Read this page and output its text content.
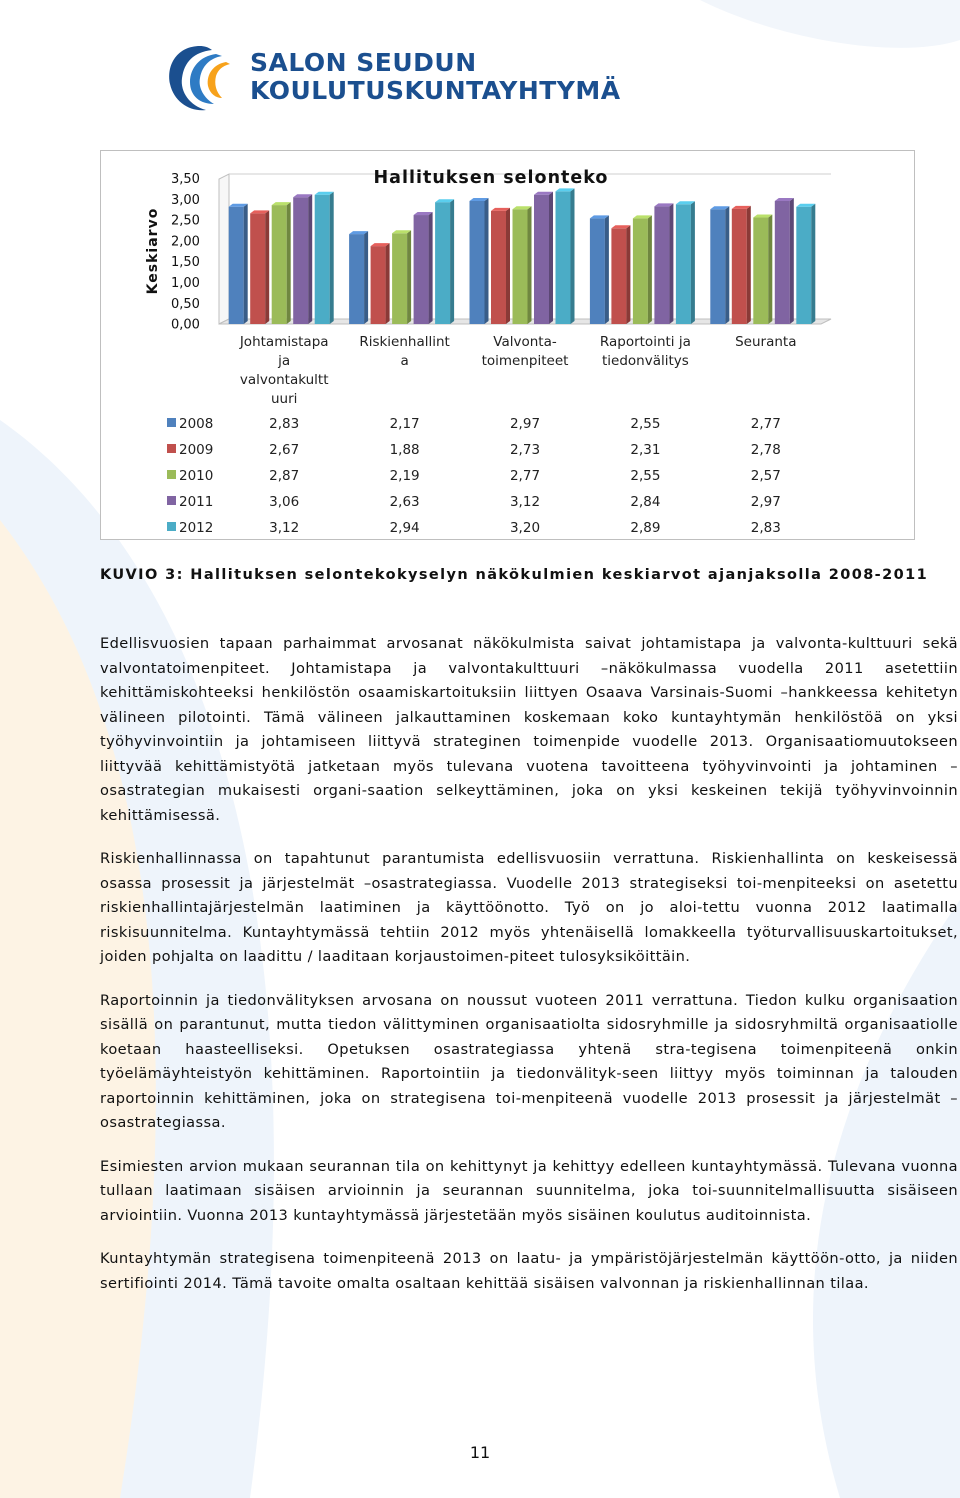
SALON SEUDUN
KOULUTUSKUNTAYHTYMÄ
Keskiarvo
3,50
3,00
2,50
2,00
1,50
1,00
0,50
0,00
Hallituksen selonteko
Johtamistapa
ja
valvontakultt
uuri
Riskienhallint
a
Valvonta-
toimenpiteet
Raportointi ja
tiedonvälitys
Seuranta
2008	2,83	2,17	2,97	2,55	2,77
2009	2,67	1,88	2,73	2,31	2,78
2010	2,87	2,19	2,77	2,55	2,57
2011	3,06	2,63	3,12	2,84	2,97
2012	3,12	2,94	3,20	2,89	2,83
KUVIO 3: Hallituksen selontekokyselyn näkökulmien keskiarvot ajanjaksolla 2008-2011

Edellisvuosien tapaan parhaimmat arvosanat näkökulmista saivat johtamistapa ja valvonta-kulttuuri sekä valvontatoimenpiteet. Johtamistapa ja valvontakulttuuri –näkökulmassa vuodella 2011 asetettiin kehittämiskohteeksi henkilöstön osaamiskartoituksiin liittyen Osaava Varsinais-Suomi –hankkeessa kehitetyn välineen pilotointi. Tämä välineen jalkauttaminen koskemaan koko kuntayhtymän henkilöstöä on yksi työhyvinvointiin ja johtamiseen liittyvä strateginen toimenpide vuodelle 2013. Organisaatiomuutokseen liittyvää kehittämistyötä jatketaan myös tulevana vuotena tavoitteena työhyvinvointi ja johtaminen –osastrategian mukaisesti organi-saation selkeyttäminen, joka on yksi keskeinen tekijä työhyvinvoinnin kehittämisessä.

Riskienhallinnassa on tapahtunut parantumista edellisvuosiin verrattuna. Riskienhallinta on keskeisessä osassa prosessit ja järjestelmät –osastrategiassa. Vuodelle 2013 strategiseksi toi-menpiteeksi on asetettu riskienhallintajärjestelmän laatiminen ja käyttöönotto. Työ on jo aloi-tettu vuonna 2012 laatimalla riskisuunnitelma. Kuntayhtymässä tehtiin 2012 myös yhtenäisellä lomakkeella työturvallisuuskartoitukset, joiden pohjalta on laadittu / laaditaan korjaustoimen-piteet tulosyksiköittäin.

Raportoinnin ja tiedonvälityksen arvosana on noussut vuoteen 2011 verrattuna. Tiedon kulku organisaation sisällä on parantunut, mutta tiedon välittyminen organisaatiolta sidosryhmille ja sidosryhmiltä organisaatiolle koetaan haasteelliseksi. Opetuksen osastrategiassa yhtenä stra-tegisena toimenpiteenä onkin työelämäyhteistyön kehittäminen. Raportointiin ja tiedonvälityk-seen liittyy myös toiminnan ja talouden raportoinnin kehittäminen, joka on strategisena toi-menpiteenä vuodelle 2013 prosessit ja järjestelmät –osastrategiassa.

Esimiesten arvion mukaan seurannan tila on kehittynyt ja kehittyy edelleen kuntayhtymässä. Tulevana vuonna tullaan laatimaan sisäisen arvioinnin ja seurannan suunnitelma, joka toi-suunnitelmallisuutta sisäiseen arviointiin. Vuonna 2013 kuntayhtymässä järjestetään myös sisäinen koulutus auditoinnista.

Kuntayhtymän strategisena toimenpiteenä 2013 on laatu- ja ympäristöjärjestelmän käyttöön-otto, ja niiden sertifiointi 2014. Tämä tavoite omalta osaltaan kehittää sisäisen valvonnan ja riskienhallinnan tilaa.

11
